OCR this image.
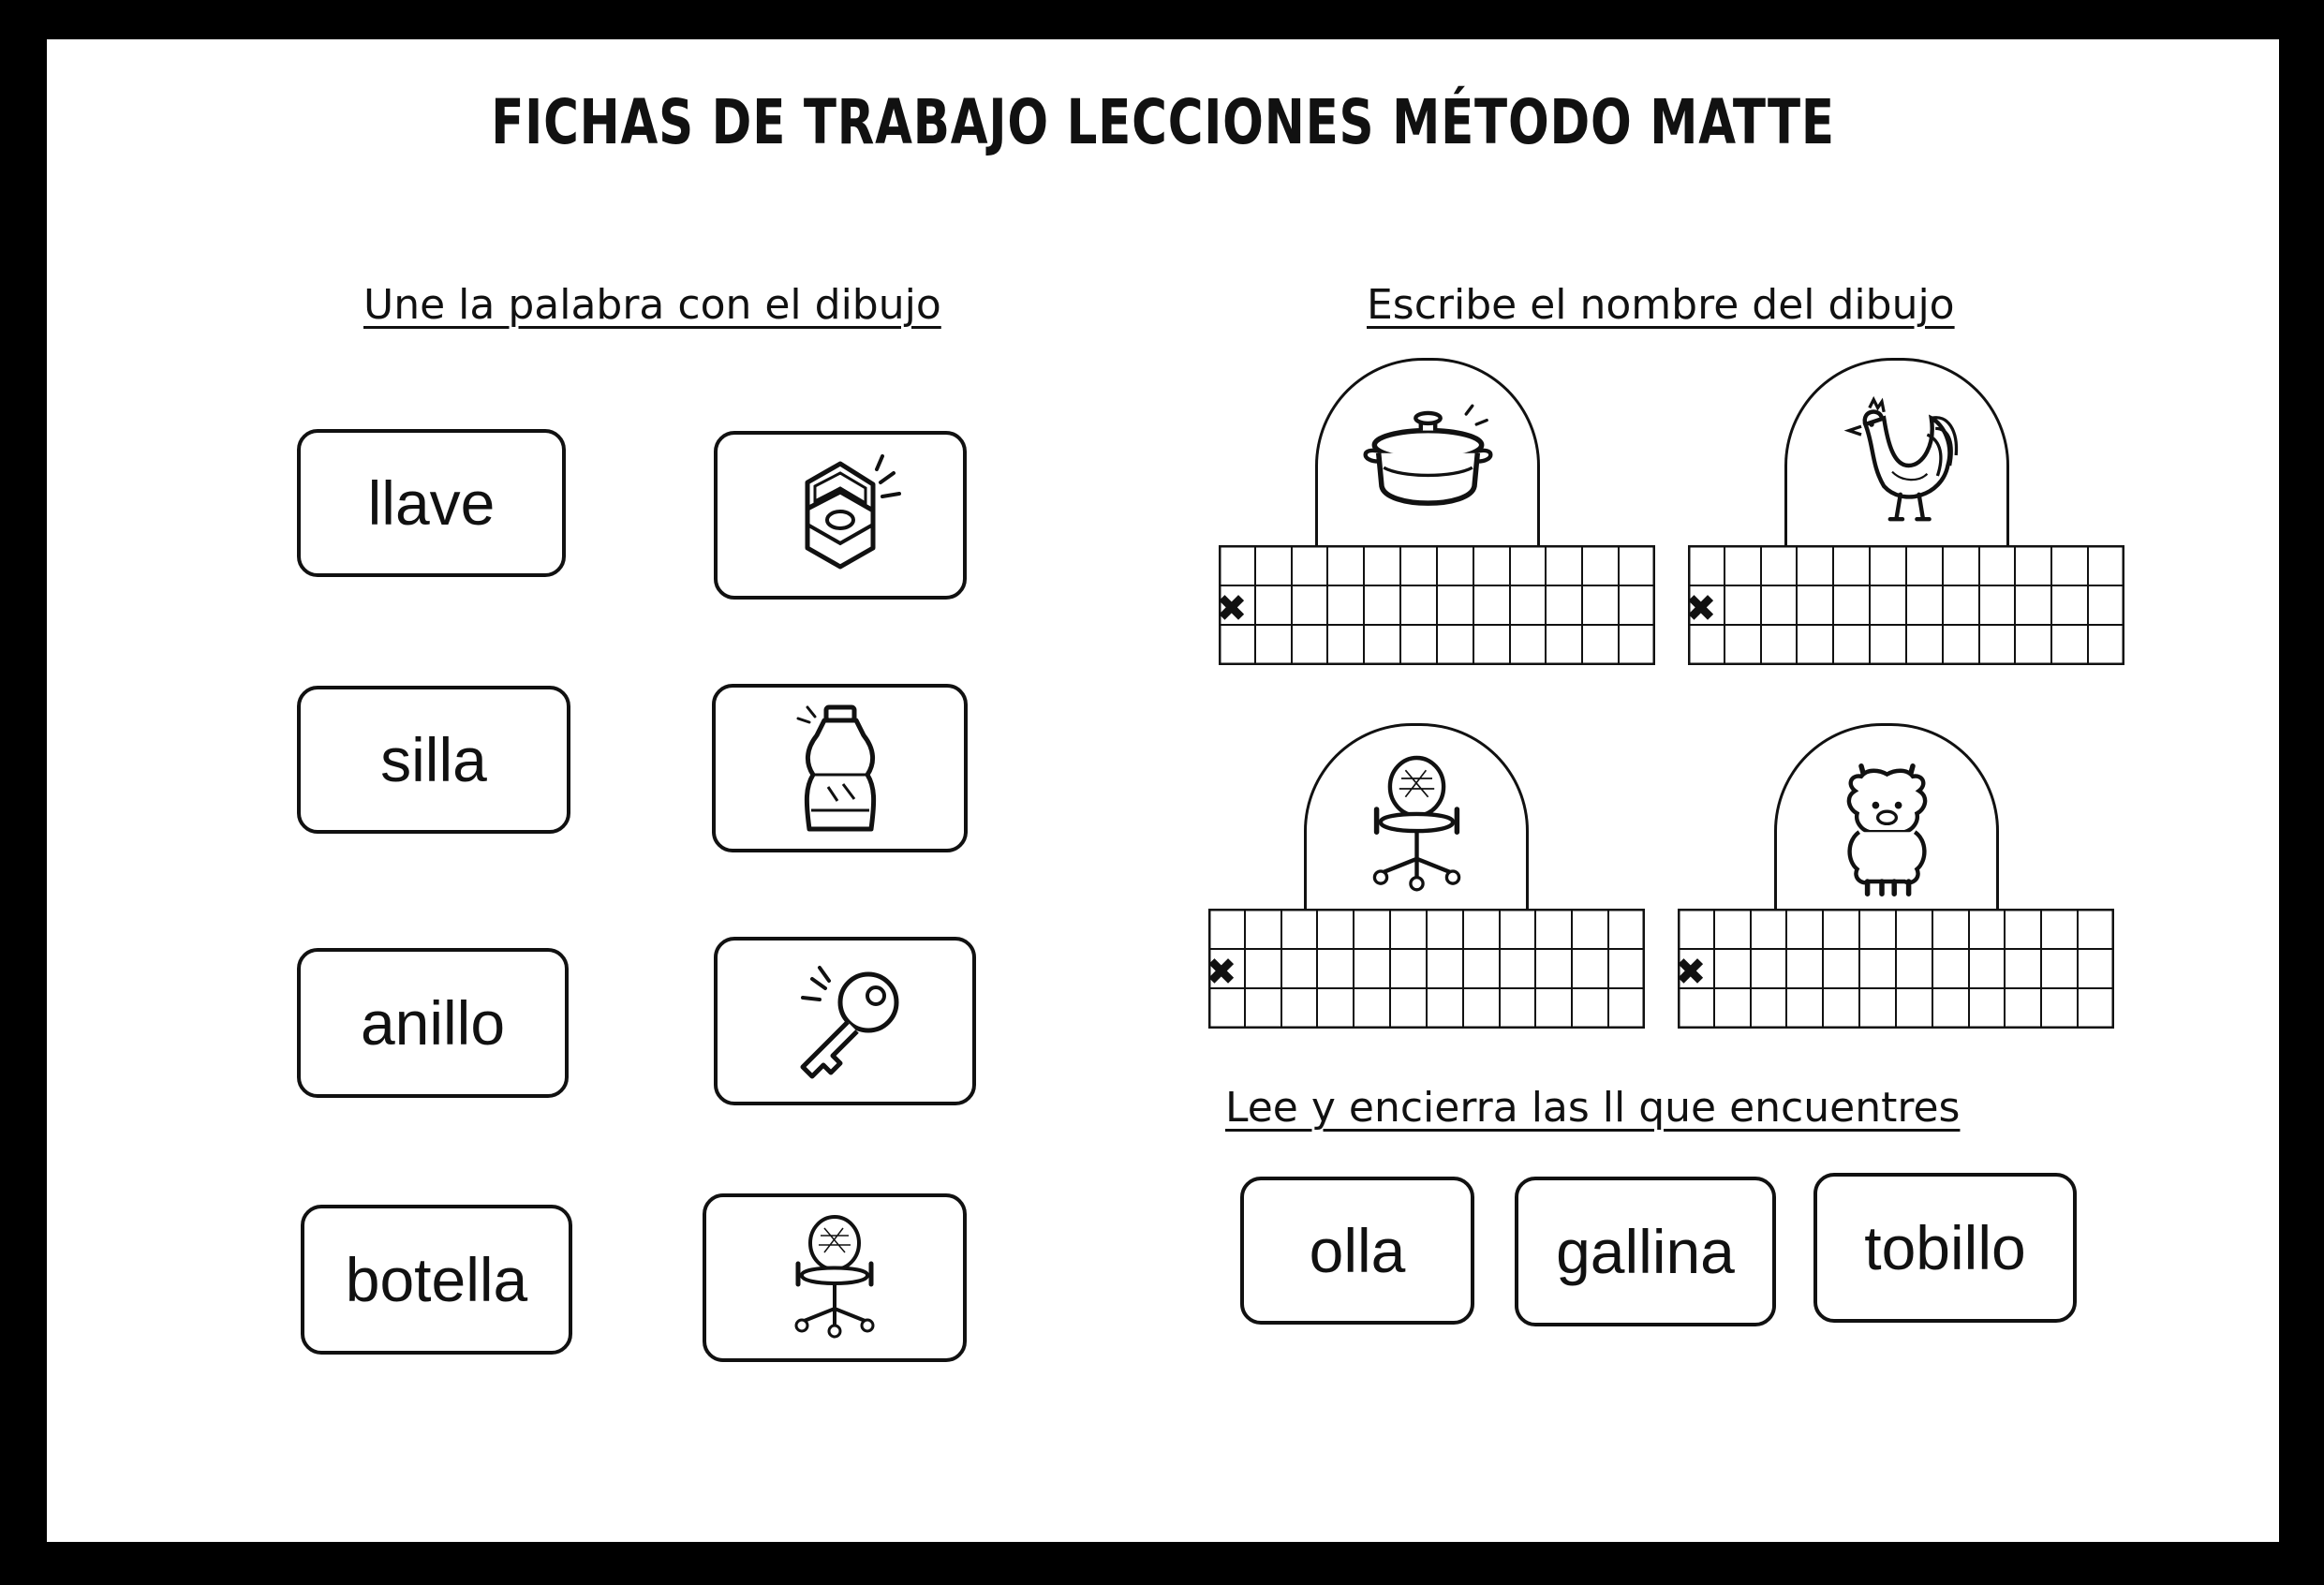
FICHAS DE TRABAJO LECCIONES MÉTODO MATTE
Une la palabra con el dibujo
llave
silla
anillo
botella
Escribe el nombre del dibujo
✖	✖
✖	✖
Lee y encierra las ll que encuentres
olla	gallina	tobillo
